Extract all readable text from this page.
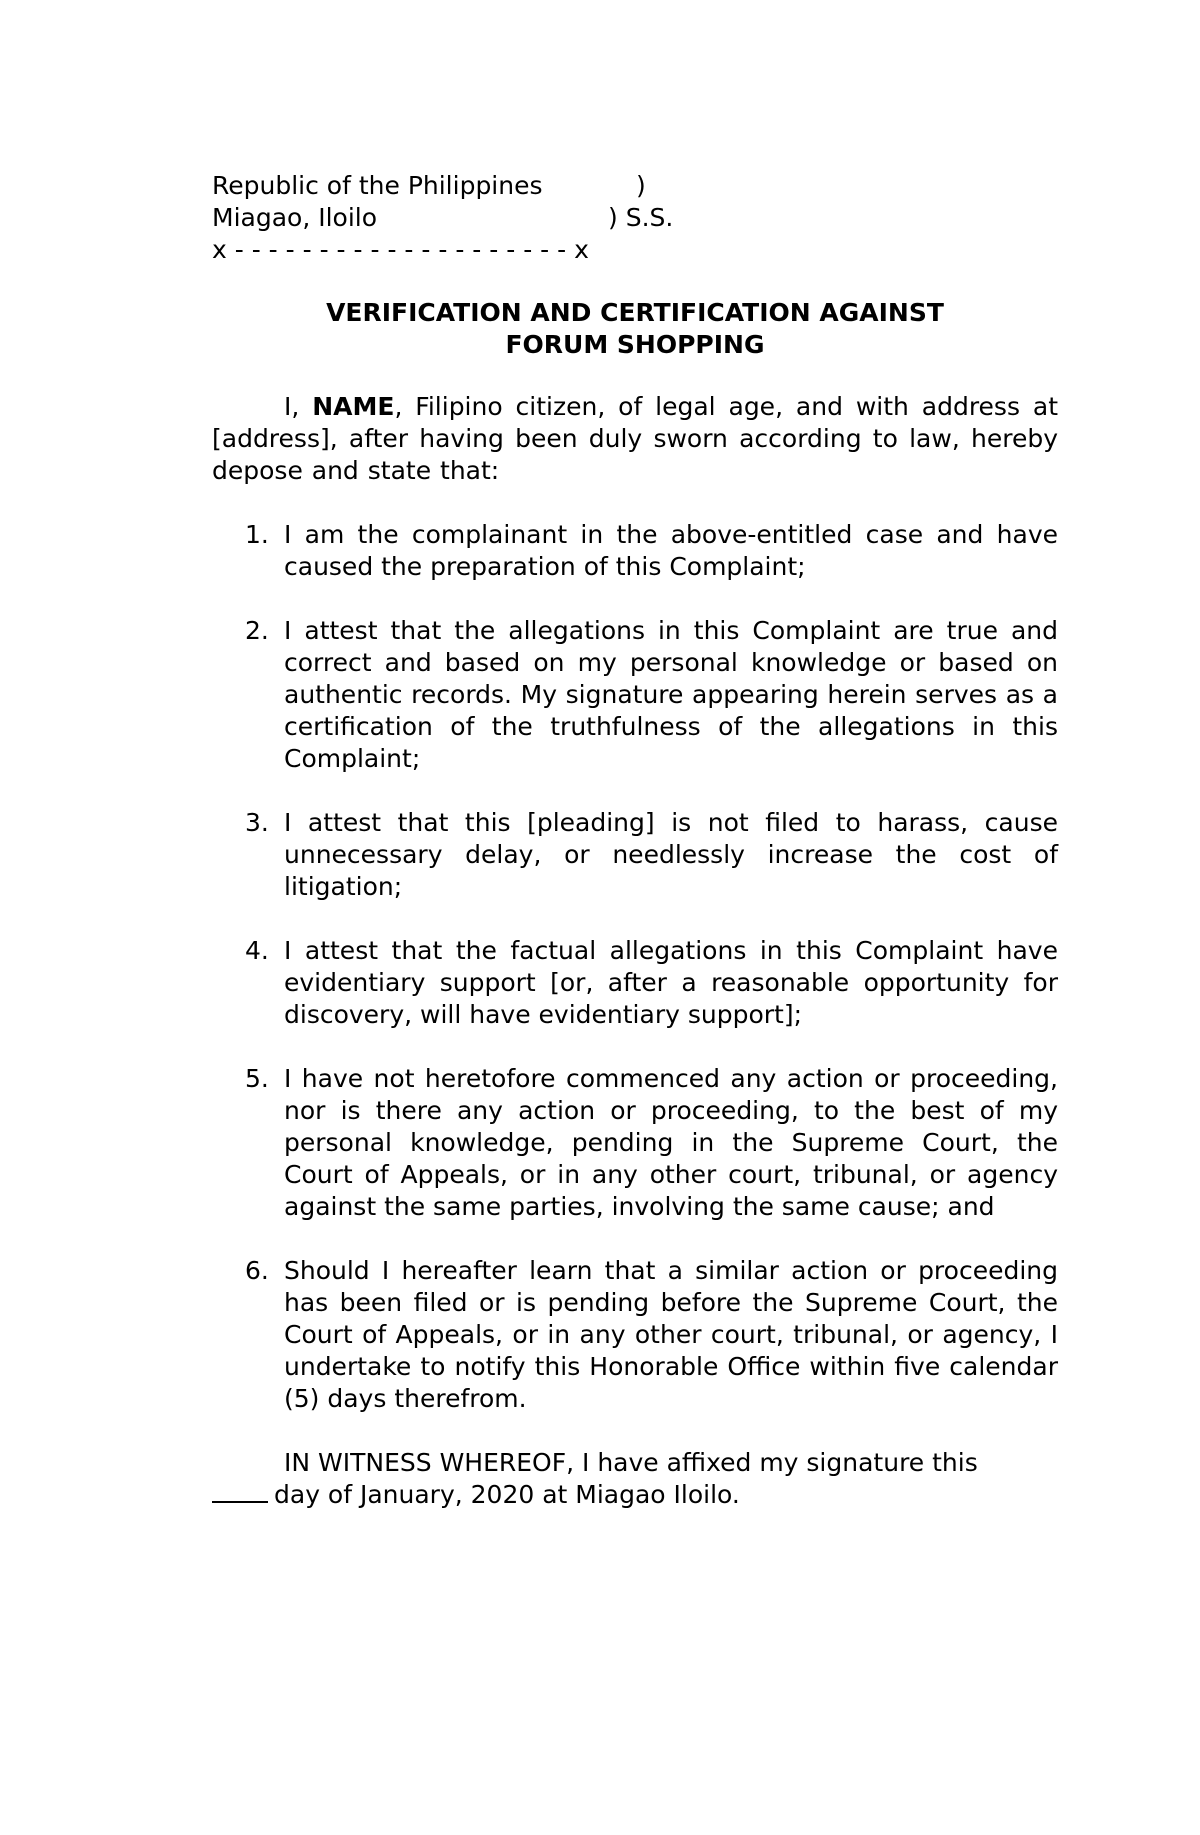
Republic of the Philippines	)
Miagao, Iloilo	) S.S.
x - - - - - - - - - - - - - - - - - - - - x
VERIFICATION AND CERTIFICATION AGAINST
FORUM SHOPPING

I, NAME, Filipino citizen, of legal age, and with address at [address], after having been duly sworn according to law, hereby depose and state that:

1. I am the complainant in the above-entitled case and have caused the preparation of this Complaint;
2. I attest that the allegations in this Complaint are true and correct and based on my personal knowledge or based on authentic records. My signature appearing herein serves as a certification of the truthfulness of the allegations in this Complaint;
3. I attest that this [pleading] is not filed to harass, cause unnecessary delay, or needlessly increase the cost of litigation;
4. I attest that the factual allegations in this Complaint have evidentiary support [or, after a reasonable opportunity for discovery, will have evidentiary support];
5. I have not heretofore commenced any action or proceeding, nor is there any action or proceeding, to the best of my personal knowledge, pending in the Supreme Court, the Court of Appeals, or in any other court, tribunal, or agency against the same parties, involving the same cause; and
6. Should I hereafter learn that a similar action or proceeding has been filed or is pending before the Supreme Court, the Court of Appeals, or in any other court, tribunal, or agency, I undertake to notify this Honorable Office within five calendar (5) days therefrom.

IN WITNESS WHEREOF, I have affixed my signature this
day of January, 2020 at Miagao Iloilo.
